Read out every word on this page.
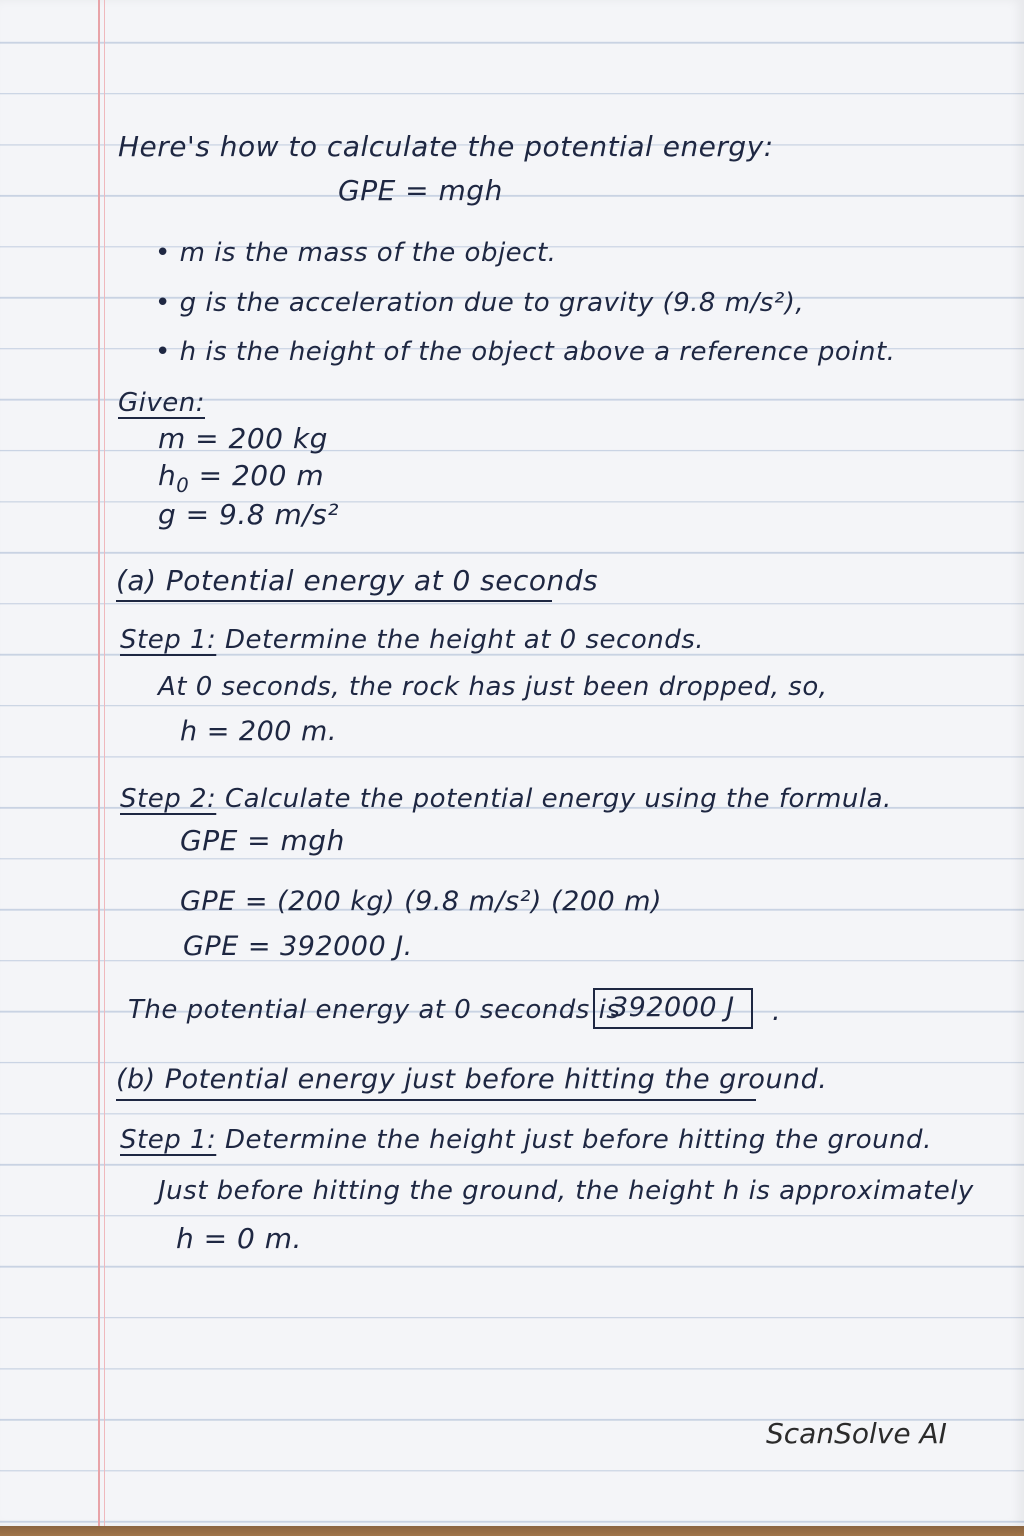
Here's how to calculate the potential energy:
GPE = mgh
• m is the mass of the object.
• g is the acceleration due to gravity (9.8 m/s²),
• h is the height of the object above a reference point.
Given:
m = 200 kg
$h_0 = 200$ m
g = 9.8 m/s²
(a) Potential energy at 0 seconds
Step 1: Determine the height at 0 seconds.
At 0 seconds, the rock has just been dropped, so,
h = 200 m.
Step 2: Calculate the potential energy using the formula.
GPE = mgh
GPE = (200 kg) (9.8 m/s²) (200 m)
GPE = 392000 J.
The potential energy at 0 seconds is
392000 J	.
(b) Potential energy just before hitting the ground.
Step 1: Determine the height just before hitting the ground.
Just before hitting the ground, the height h is approximately
h = 0 m.
ScanSolve AI
